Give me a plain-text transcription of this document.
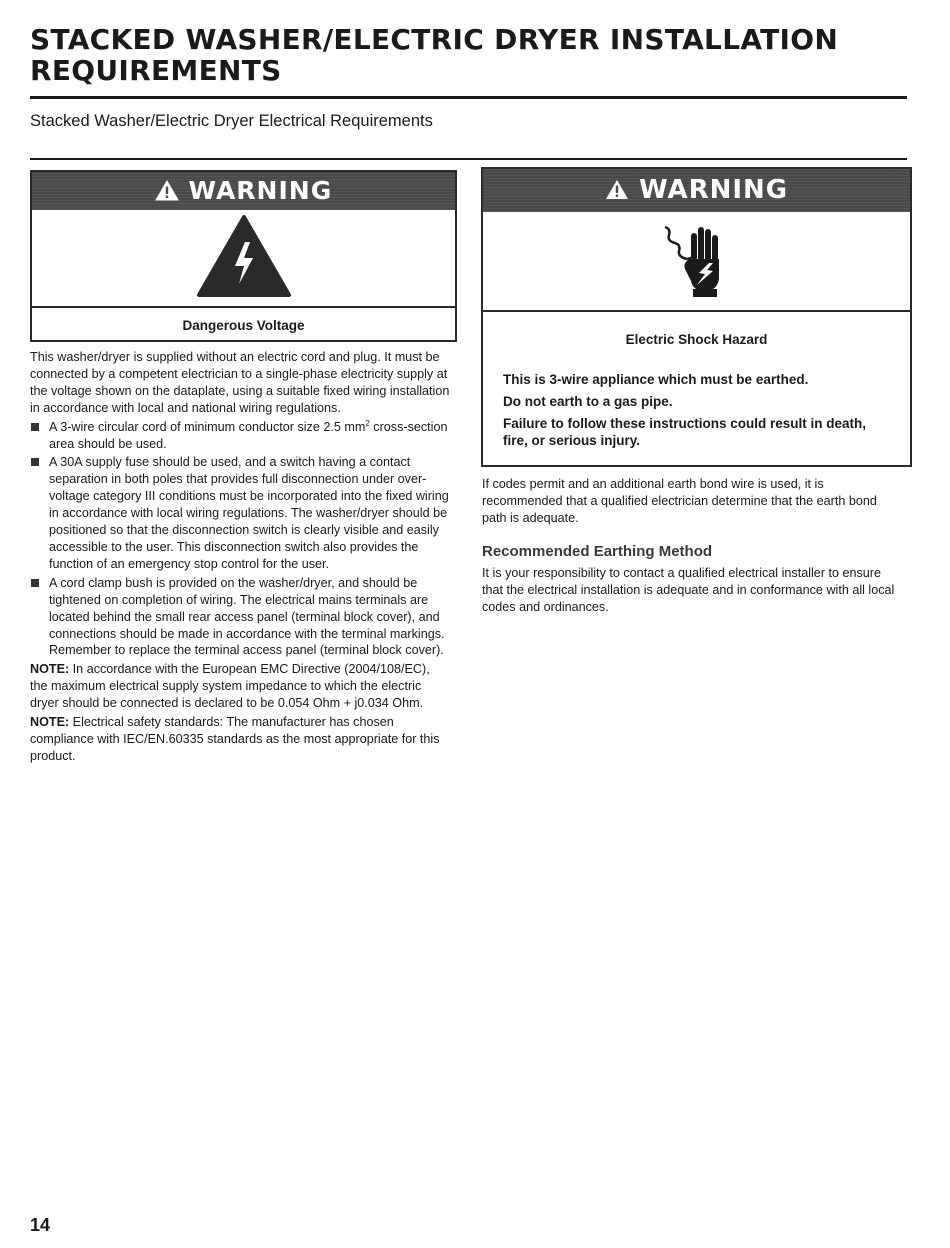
STACKED WASHER/ELECTRIC DRYER INSTALLATION REQUIREMENTS
Stacked Washer/Electric Dryer Electrical Requirements
WARNING
Dangerous Voltage
WARNING
Electric Shock Hazard

This is 3-wire appliance which must be earthed.

Do not earth to a gas pipe.

Failure to follow these instructions could result in death, fire, or serious injury.

This washer/dryer is supplied without an electric cord and plug. It must be connected by a competent electrician to a single-phase electricity supply at the voltage shown on the dataplate, using a suitable fixed wiring installation in accordance with local and national wiring regulations.

A 3-wire circular cord of minimum conductor size 2.5 $mm^2$ cross-section area should be used.
A 30A supply fuse should be used, and a switch having a contact separation in both poles that provides full disconnection under over-voltage category III conditions must be incorporated into the fixed wiring in accordance with local wiring regulations. The washer/dryer should be positioned so that the disconnection switch is clearly visible and easily accessible to the user. This disconnection switch also provides the function of an emergency stop control for the user.
A cord clamp bush is provided on the washer/dryer, and should be tightened on completion of wiring. The electrical mains terminals are located behind the small rear access panel (terminal block cover), and connections should be made in accordance with the terminal markings. Remember to replace the terminal access panel (terminal block cover).

NOTE: In accordance with the European EMC Directive (2004/108/EC), the maximum electrical supply system impedance to which the electric dryer should be connected is declared to be 0.054 Ohm + j0.034 Ohm.

NOTE: Electrical safety standards: The manufacturer has chosen compliance with IEC/EN.60335 standards as the most appropriate for this product.

If codes permit and an additional earth bond wire is used, it is recommended that a qualified electrician determine that the earth bond path is adequate.

Recommended Earthing Method

It is your responsibility to contact a qualified electrical installer to ensure that the electrical installation is adequate and in conformance with all local codes and ordinances.

14
